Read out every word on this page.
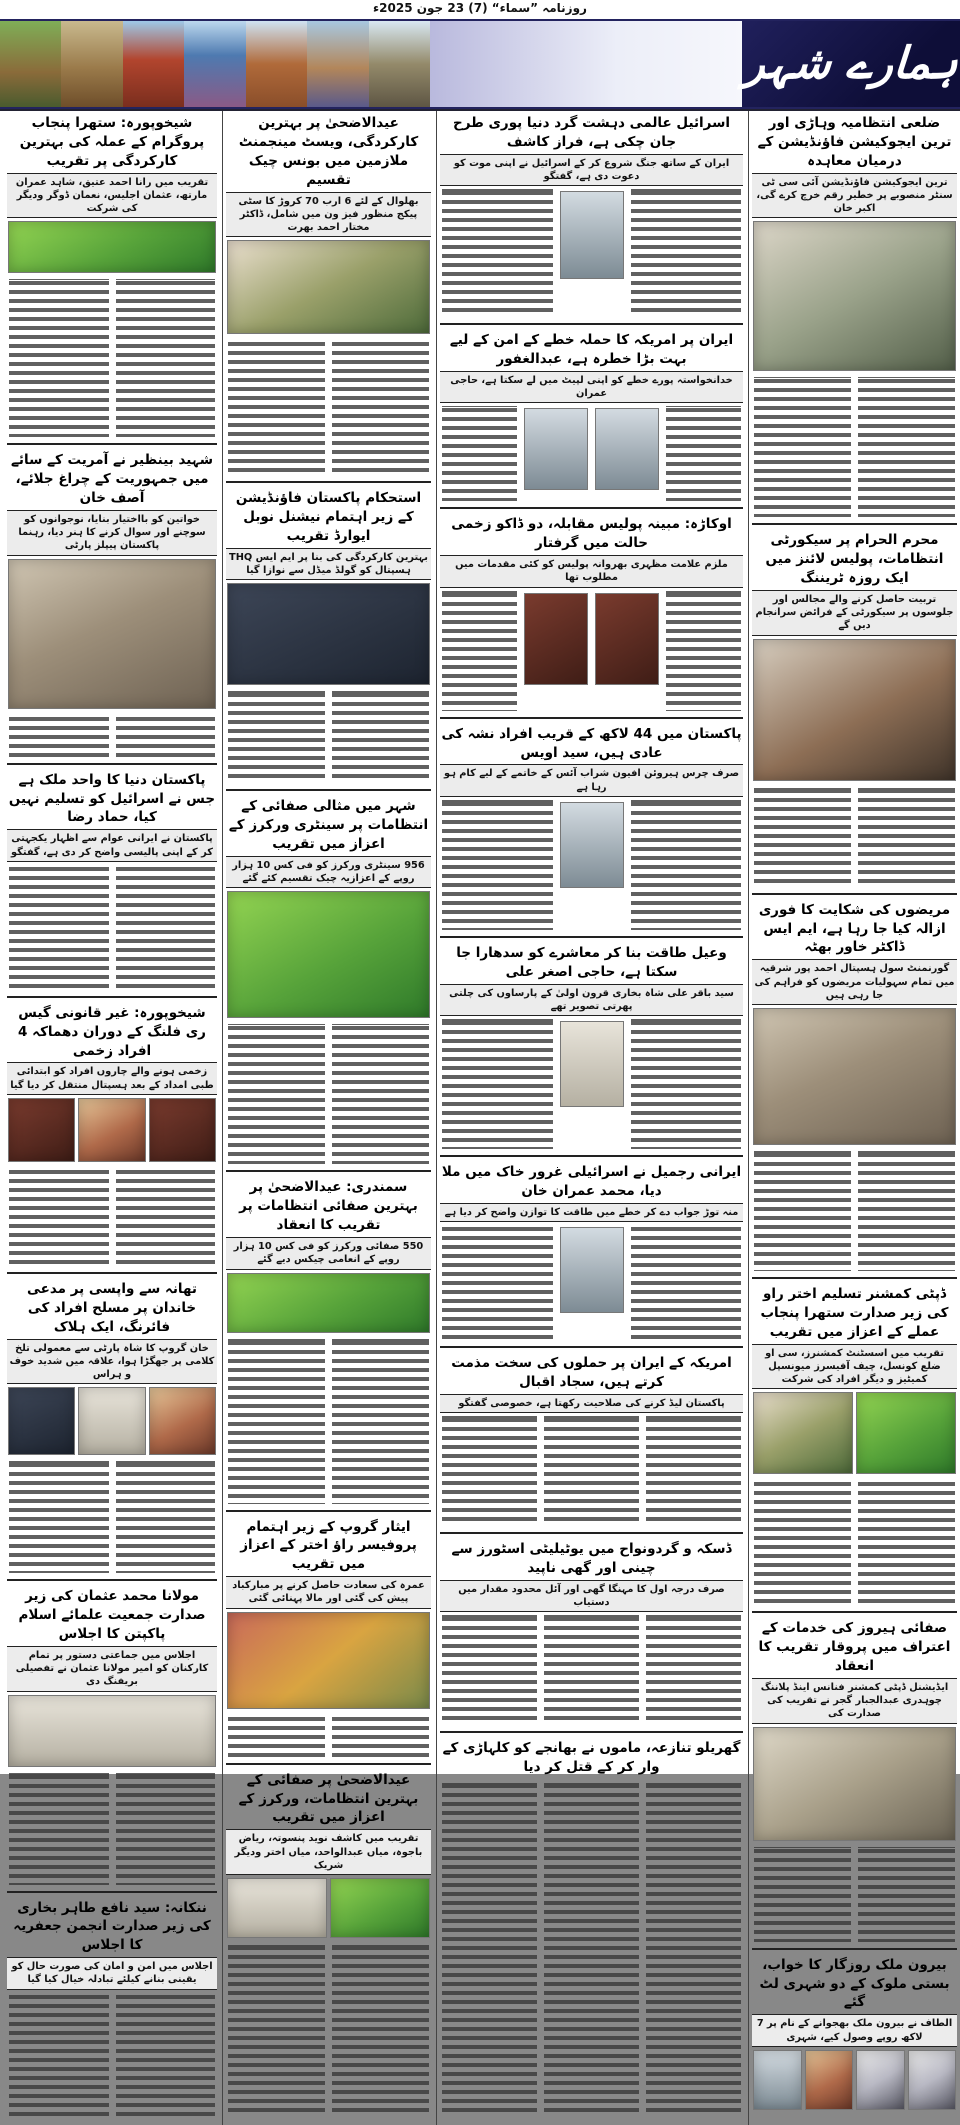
روزنامہ ”سماء“ (7) 23 جون 2025ء
ہمارے شہر
ضلعی انتظامیہ وہاڑی اور ترین ایجوکیشن فاؤنڈیشن کے درمیان معاہدہ
ترین ایجوکیشن فاؤنڈیشن آئی سی ٹی سنٹر منصوبے پر خطیر رقم خرچ کرے گی، اکبر خان
محرم الحرام پر سیکورٹی انتظامات، پولیس لائنز میں ایک روزہ ٹریننگ
تربیت حاصل کرنے والے مجالس اور جلوسوں پر سیکورٹی کے فرائض سرانجام دیں گے
مریضوں کی شکایت کا فوری ازالہ کیا جا رہا ہے، ایم ایس ڈاکٹر خاور بھٹہ
گورنمنٹ سول ہسپتال احمد پور شرقیہ میں تمام سہولیات مریضوں کو فراہم کی جا رہی ہیں
ڈپٹی کمشنر تسلیم اختر راو کی زیر صدارت ستھرا پنجاب عملے کے اعزاز میں تقریب
تقریب میں اسسٹنٹ کمشنرز، سی او ضلع کونسل، چیف آفیسرز میونسپل کمیٹیز و دیگر افراد کی شرکت
صفائی ہیروز کی خدمات کے اعتراف میں پروقار تقریب کا انعقاد
ایڈیشنل ڈپٹی کمشنر فنانس اینڈ پلاننگ چوہدری عبدالجبار گجر نے تقریب کی صدارت کی
بیرون ملک روزگار کا خواب، بستی ملوک کے دو شہری لٹ گئے
الطاف نے بیرون ملک بھجوانے کے نام پر 7 لاکھ روپے وصول کیے، شہری
اسرائیل عالمی دہشت گرد دنیا پوری طرح جان چکی ہے، فراز کاشف
ایران کے ساتھ جنگ شروع کر کے اسرائیل نے اپنی موت کو دعوت دی ہے، گفتگو
ایران پر امریکہ کا حملہ خطے کے امن کے لیے بہت بڑا خطرہ ہے، عبدالغفور
خدانخواستہ پورے خطے کو اپنی لپیٹ میں لے سکتا ہے، حاجی عمران
اوکاڑہ: مبینہ پولیس مقابلہ، دو ڈاکو زخمی حالت میں گرفتار
ملزم علامت مظہری بھروانہ پولیس کو کئی مقدمات میں مطلوب تھا
پاکستان میں 44 لاکھ کے قریب افراد نشہ کی عادی ہیں، سید اویس
صرف چرس ہیروئن افیون شراب آئس کے خاتمے کے لیے کام ہو رہا ہے
وعیل طاقت بنا کر معاشرے کو سدھارا جا سکتا ہے، حاجی اصغر علی
سید باقر علی شاہ بخاری قرون اولیٰ کے پارساوں کی چلتی پھرتی تصویر تھے
ایرانی رجمیل نے اسرائیلی غرور خاک میں ملا دیا، محمد عمران خان
منہ توڑ جواب دے کر خطے میں طاقت کا توازن واضح کر دیا ہے
امریکہ کے ایران پر حملوں کی سخت مذمت کرتے ہیں، سجاد اقبال
پاکستان لیڈ کرنے کی صلاحیت رکھتا ہے، خصوصی گفتگو
ڈسکہ و گردونواح میں یوٹیلیٹی اسٹورز سے چینی اور گھی ناپید
صرف درجہ اول کا مہنگا گھی اور آئل محدود مقدار میں دستیاب
گھریلو تنازعہ، ماموں نے بھانجے کو کلہاڑی کے وار کر کے قتل کر دیا
عیدالاضحیٰ پر بہترین کارکردگی، ویسٹ مینجمنٹ ملازمین میں بونس چیک تقسیم
بھلوال کے لئے 6 ارب 70 کروڑ کا سٹی پیکج منظور فیز ون میں شامل، ڈاکٹر مختار احمد بھرت
استحکام پاکستان فاؤنڈیشن کے زیر اہتمام نیشنل نوبل ایوارڈ تقریب
بہترین کارکردگی کی بنا پر ایم ایس THQ ہسپتال کو گولڈ میڈل سے نوازا گیا
شہر میں مثالی صفائی کے انتظامات پر سینٹری ورکرز کے اعزاز میں تقریب
956 سینٹری ورکرز کو فی کس 10 ہزار روپے کے اعزازیہ چیک تقسیم کئے گئے
سمندری: عیدالاضحیٰ پر بہترین صفائی انتظامات پر تقریب کا انعقاد
550 صفائی ورکرز کو فی کس 10 ہزار روپے کے انعامی چیکس دیے گئے
ایثار گروپ کے زیر اہتمام پروفیسر راؤ اختر کے اعزاز میں تقریب
عمرہ کی سعادت حاصل کرنے پر مبارکباد پیش کی گئی اور مالا پہنائی گئی
عیدالاضحیٰ پر صفائی کے بہترین انتظامات، ورکرز کے اعزاز میں تقریب
تقریب میں کاشف نوید پنسوتہ، ریاض باجوہ، میاں عبدالواحد، میاں اختر ودیگر شریک
شیخوپورہ: ستھرا پنجاب پروگرام کے عملہ کی بہترین کارکردگی پر تقریب
تقریب میں رانا احمد عتیق، شاہد عمران مارتھ، عثمان اجلیس، نعمان ڈوگر ودیگر کی شرکت
شہید بینظیر نے آمریت کے سائے میں جمہوریت کے چراغ جلائے، آصف خان
خواتین کو بااختیار بنایا، نوجوانوں کو سوچنے اور سوال کرنے کا ہنر دیا، رہنما پاکستان پیپلز پارٹی
پاکستان دنیا کا واحد ملک ہے جس نے اسرائیل کو تسلیم نہیں کیا، حماد رضا
پاکستان نے ایرانی عوام سے اظہار یکجہتی کر کے اپنی پالیسی واضح کر دی ہے، گفتگو
شیخوپورہ: غیر قانونی گیس ری فلنگ کے دوران دھماکہ 4 افراد زخمی
زخمی ہونے والے چاروں افراد کو ابتدائی طبی امداد کے بعد ہسپتال منتقل کر دیا گیا
تھانہ سے واپسی پر مدعی خاندان پر مسلح افراد کی فائرنگ، ایک ہلاک
خان گروپ کا شاہ پارٹی سے معمولی تلخ کلامی پر جھگڑا ہوا، علاقہ میں شدید خوف و ہراس
مولانا محمد عثمان کی زیر صدارت جمعیت علمائے اسلام پاکپتن کا اجلاس
اجلاس میں جماعتی دستور پر تمام کارکنان کو امیر مولانا عثمان نے تفصیلی بریفنگ دی
ننکانہ: سید نافع طاہر بخاری کی زیر صدارت انجمن جعفریہ کا اجلاس
اجلاس میں امن و امان کی صورت حال کو یقینی بنانے کیلئے تبادلہ خیال کیا گیا
